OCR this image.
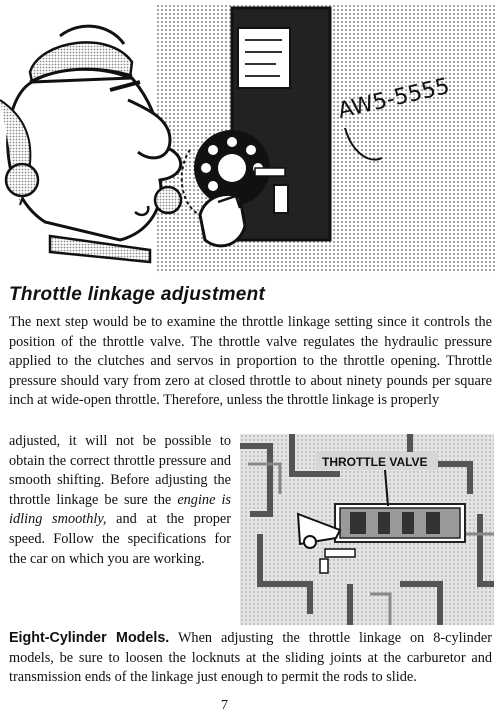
AW5-5555
Throttle linkage adjustment

The next step would be to examine the throttle linkage setting since it controls the position of the throttle valve. The throttle valve regulates the hydraulic pressure applied to the clutches and servos in proportion to the throttle opening. Throttle pressure should vary from zero at closed throttle to about ninety pounds per square inch at wide-open throttle. Therefore, unless the throttle linkage is properly

adjusted, it will not be possible to obtain the correct throttle pressure and smooth shifting. Before adjusting the throttle linkage be sure the engine is idling smoothly, and at the proper speed. Follow the specifications for the car on which you are working.

THROTTLE VALVE

Eight-Cylinder Models. When adjusting the throttle linkage on 8-cylinder models, be sure to loosen the locknuts at the sliding joints at the carburetor and transmission ends of the linkage just enough to permit the rods to slide.

7
